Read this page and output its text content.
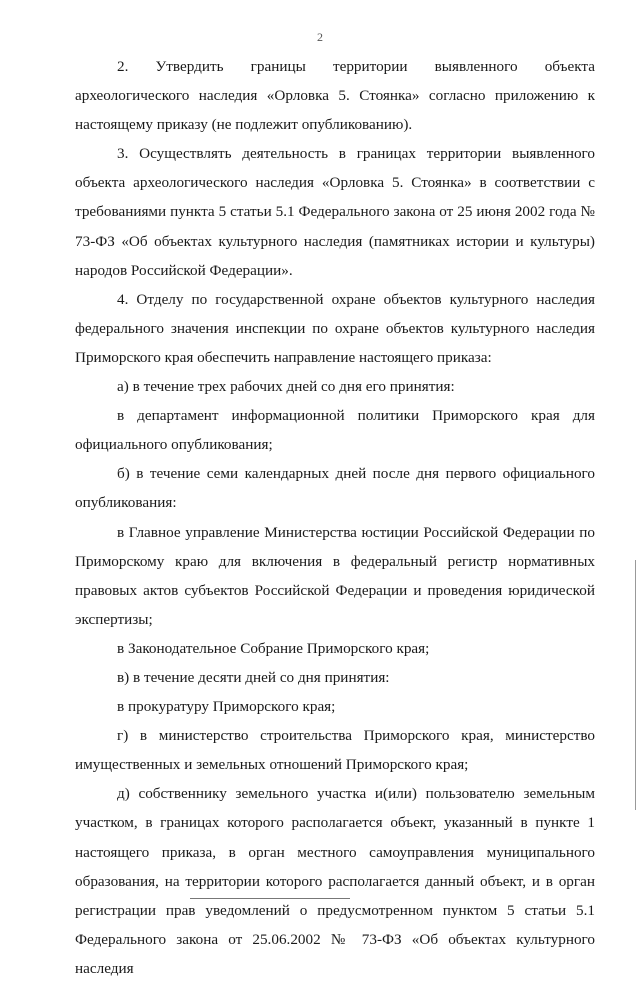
2

2. Утвердить границы территории выявленного объекта археологического наследия «Орловка 5. Стоянка» согласно приложению к настоящему приказу (не подлежит опубликованию).

3. Осуществлять деятельность в границах территории выявленного объекта археологического наследия «Орловка 5. Стоянка» в соответствии с требованиями пункта 5 статьи 5.1 Федерального закона от 25 июня 2002 года № 73-ФЗ «Об объектах культурного наследия (памятниках истории и культуры) народов Российской Федерации».

4. Отделу по государственной охране объектов культурного наследия федерального значения инспекции по охране объектов культурного наследия Приморского края обеспечить направление настоящего приказа:

а) в течение трех рабочих дней со дня его принятия:

в департамент информационной политики Приморского края для официального опубликования;

б) в течение семи календарных дней после дня первого официального опубликования:

в Главное управление Министерства юстиции Российской Федерации по Приморскому краю для включения в федеральный регистр нормативных правовых актов субъектов Российской Федерации и проведения юридической экспертизы;

в Законодательное Собрание Приморского края;

в) в течение десяти дней со дня принятия:

в прокуратуру Приморского края;

г) в министерство строительства Приморского края, министерство имущественных и земельных отношений Приморского края;

д) собственнику земельного участка и(или) пользователю земельным участком, в границах которого располагается объект, указанный в пункте 1 настоящего приказа, в орган местного самоуправления муниципального образования, на территории которого располагается данный объект, и в орган регистрации прав уведомлений о предусмотренном пунктом 5 статьи 5.1 Федерального закона от 25.06.2002 № 73-ФЗ «Об объектах культурного наследия
